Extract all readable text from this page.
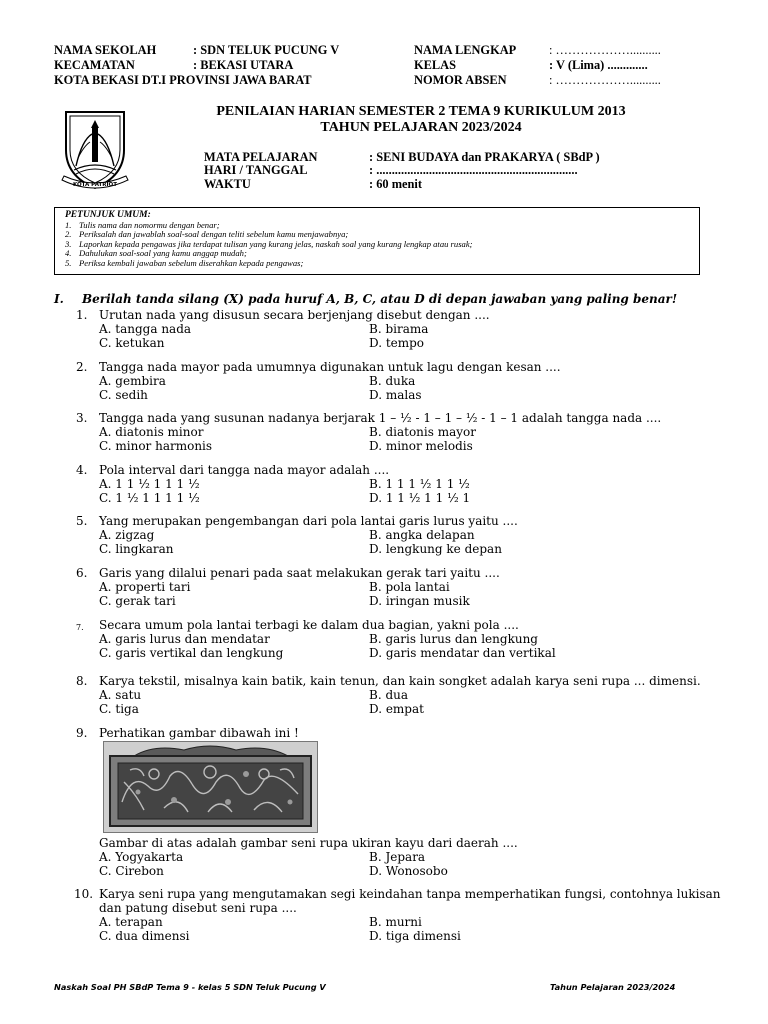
NAMA SEKOLAH	: SDN TELUK PUCUNG V
KECAMATAN	: BEKASI UTARA
KOTA BEKASI DT.I PROVINSI JAWA BARAT
NAMA LENGKAP	: ………………..........
KELAS	: V (Lima) .............
NOMOR ABSEN	: ………………..........
KOTA PATRIOT
PENILAIAN HARIAN SEMESTER 2 TEMA 9 KURIKULUM 2013
TAHUN PELAJARAN 2023/2024
MATA PELAJARAN	: SENI BUDAYA dan PRAKARYA ( SBdP )
HARI / TANGGAL	: .................................................................
WAKTU	: 60 menit
PETUNJUK UMUM:
1. Tulis nama dan nomormu dengan benar;
2. Periksalah dan jawablah soal-soal dengan teliti sebelum kamu menjawabnya;
3. Laporkan kepada pengawas jika terdapat tulisan yang kurang jelas, naskah soal yang kurang lengkap atau rusak;
4. Dahulukan soal-soal yang kamu anggap mudah;
5. Periksa kembali jawaban sebelum diserahkan kepada pengawas;
I. Berilah tanda silang (X) pada huruf A, B, C, atau D di depan jawaban yang paling benar!
1. Urutan nada yang disusun secara berjenjang disebut dengan ....
A. tangga nada	B. birama
C. ketukan	D. tempo
2. Tangga nada mayor pada umumnya digunakan untuk lagu dengan kesan ....
A. gembira	B. duka
C. sedih	D. malas
3. Tangga nada yang susunan nadanya berjarak 1 – ½ - 1 – 1 – ½ - 1 – 1 adalah tangga nada ....
A. diatonis minor	B. diatonis mayor
C. minor harmonis	D. minor melodis
4. Pola interval dari tangga nada mayor adalah ....
A. 1 1 ½ 1 1 1 ½	B. 1 1 1 ½ 1 1 ½
C. 1 ½ 1 1 1 1 ½	D. 1 1 ½ 1 1 ½ 1
5. Yang merupakan pengembangan dari pola lantai garis lurus yaitu ....
A. zigzag	B. angka delapan
C. lingkaran	D. lengkung ke depan
6. Garis yang dilalui penari pada saat melakukan gerak tari yaitu ....
A. properti tari	B. pola lantai
C. gerak tari	D. iringan musik
7. Secara umum pola lantai terbagi ke dalam dua bagian, yakni pola ....
A. garis lurus dan mendatar	B. garis lurus dan lengkung
C. garis vertikal dan lengkung	D. garis mendatar dan vertikal
8. Karya tekstil, misalnya kain batik, kain tenun, dan kain songket adalah karya seni rupa ... dimensi.
A. satu	B. dua
C. tiga	D. empat
9. Perhatikan gambar dibawah ini !
Gambar di atas adalah gambar seni rupa ukiran kayu dari daerah ....
A. Yogyakarta	B. Jepara
C. Cirebon	D. Wonosobo
10. Karya seni rupa yang mengutamakan segi keindahan tanpa memperhatikan fungsi, contohnya lukisan
dan patung disebut seni rupa ....
A. terapan	B. murni
C. dua dimensi	D. tiga dimensi
Naskah Soal PH SBdP Tema 9 - kelas 5 SDN Teluk Pucung V	Tahun Pelajaran 2023/2024
